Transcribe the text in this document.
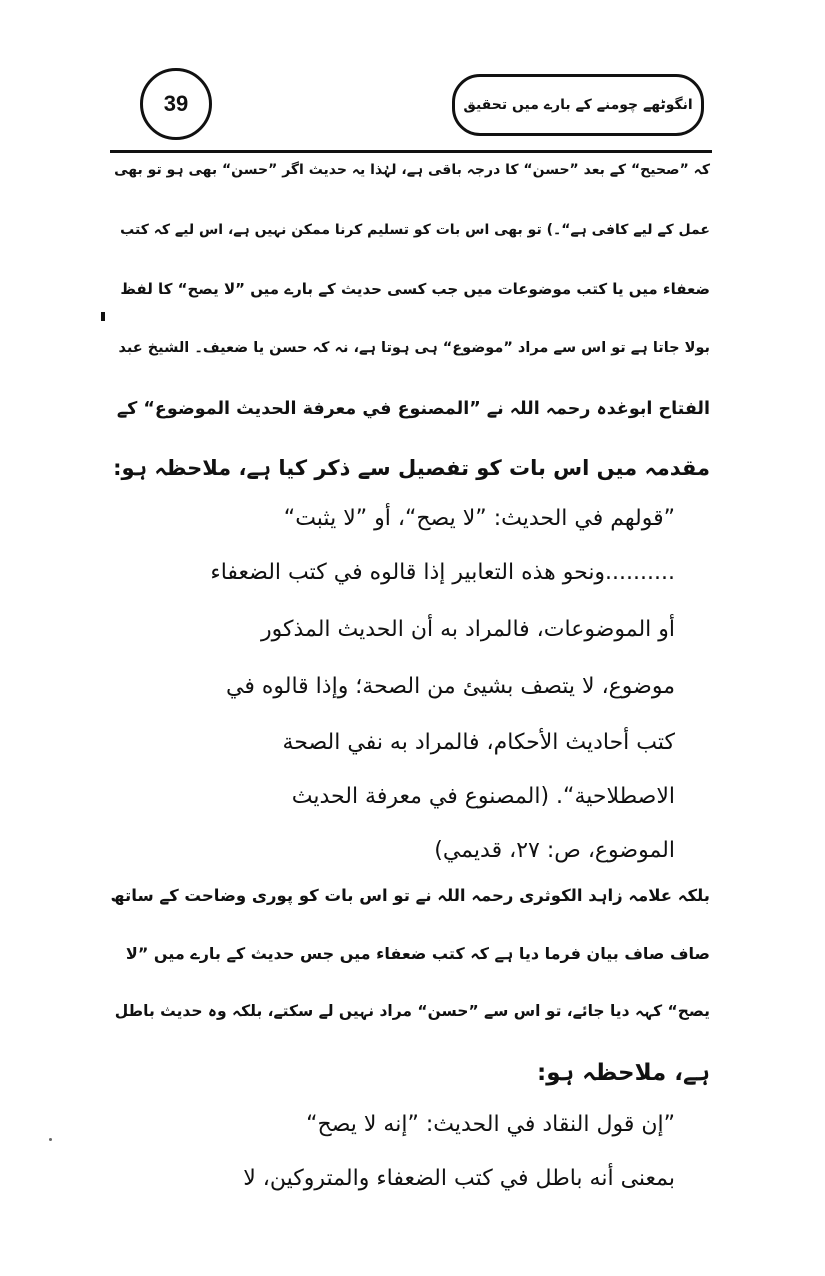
39	انگوٹھے چومنے کے بارے میں تحقیق
کہ ”صحیح“ کے بعد ”حسن“ کا درجہ باقی ہے، لہٰذا یہ حدیث اگر ”حسن“ بھی ہو تو بھی
عمل کے لیے کافی ہے“۔) تو بھی اس بات کو تسلیم کرنا ممکن نہیں ہے، اس لیے کہ کتب
ضعفاء میں یا کتب موضوعات میں جب کسی حدیث کے بارے میں ”لا یصح“ کا لفظ
بولا جاتا ہے تو اس سے مراد ”موضوع“ ہی ہوتا ہے، نہ کہ حسن یا ضعیف۔ الشیخ عبد
الفتاح ابوغدہ رحمہ اللہ نے ”المصنوع في معرفة الحديث الموضوع“ کے
مقدمہ میں اس بات کو تفصیل سے ذکر کیا ہے، ملاحظہ ہو:
”قولهم في الحديث: ”لا يصح“، أو ”لا يثبت“
..........ونحو هذه التعابير إذا قالوه في كتب الضعفاء
أو الموضوعات، فالمراد به أن الحديث المذكور
موضوع، لا يتصف بشيئ من الصحة؛ وإذا قالوه في
كتب أحاديث الأحكام، فالمراد به نفي الصحة
الاصطلاحية“. (المصنوع في معرفة الحديث
الموضوع، ص: ٢٧، قديمي)
بلکہ علامہ زاہد الکوثری رحمہ اللہ نے تو اس بات کو پوری وضاحت کے ساتھ
صاف صاف بیان فرما دیا ہے کہ کتب ضعفاء میں جس حدیث کے بارے میں ”لا
یصح“ کہہ دیا جائے، تو اس سے ”حسن“ مراد نہیں لے سکتے، بلکہ وہ حدیث باطل
ہے، ملاحظہ ہو:
”إن قول النقاد في الحديث: ”إنه لا يصح“
بمعنى أنه باطل في كتب الضعفاء والمتروكين، لا
